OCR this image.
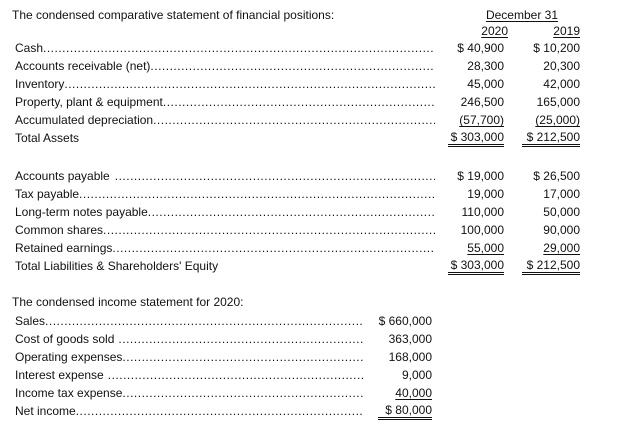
The condensed comparative statement of financial positions:	December 31
2020	2019
Cash .....	$ 40,900	$ 10,200
Accounts receivable (net) .....	28,300	20,300
Inventory .....	45,000	42,000
Property, plant & equipment .....	246,500	165,000
Accumulated depreciation .....	(57,700)	(25,000)
Total Assets	$ 303,000	$ 212,500
Accounts payable .....	$ 19,000	$ 26,500
Tax payable .....	19,000	17,000
Long-term notes payable .....	110,000	50,000
Common shares .....	100,000	90,000
Retained earnings .....	55,000	29,000
Total Liabilities & Shareholders' Equity	$ 303,000	$ 212,500
The condensed income statement for 2020:
Sales .....	$ 660,000
Cost of goods sold .....	363,000
Operating expenses .....	168,000
Interest expense .....	9,000
Income tax expense .....	40,000
Net income .....	$ 80,000
